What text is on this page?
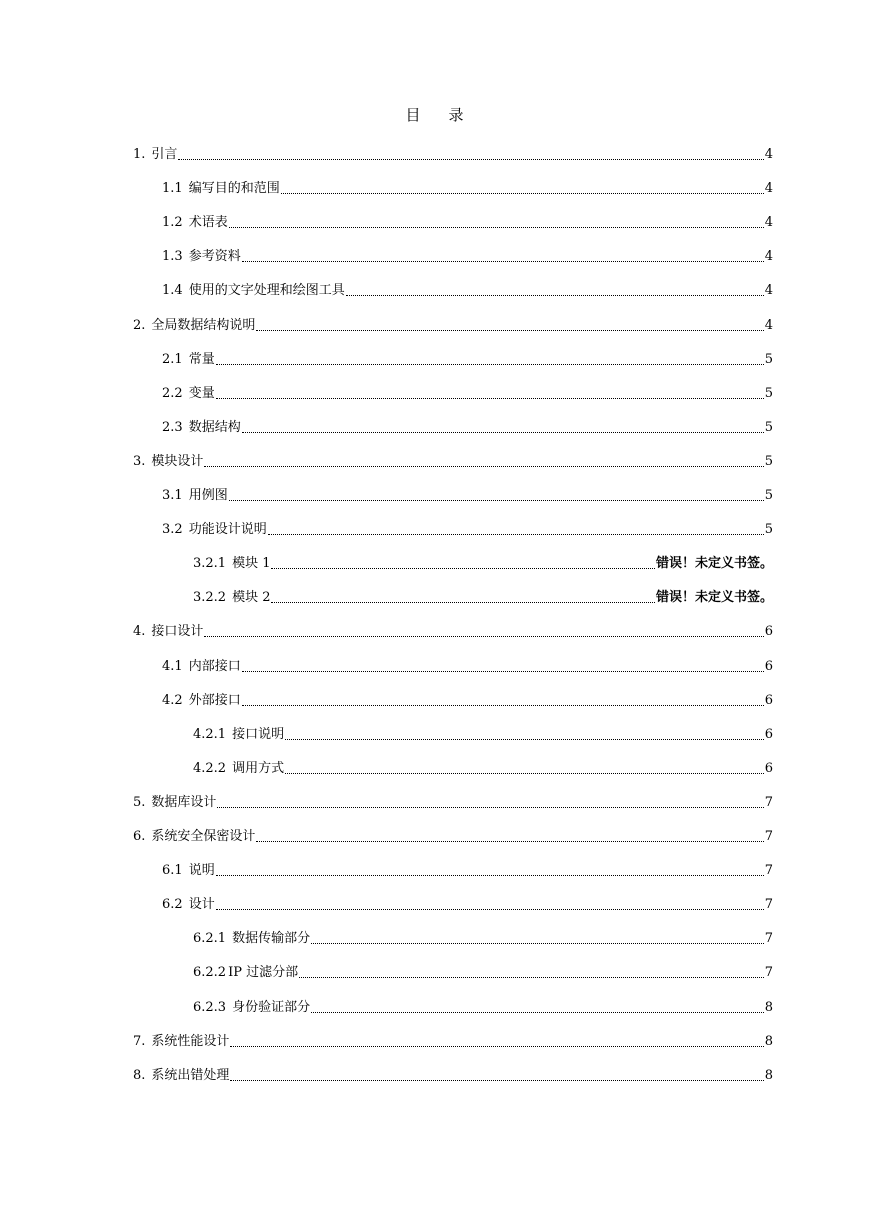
目 录
1. 引言	4
1.1 编写目的和范围	4
1.2 术语表	4
1.3 参考资料	4
1.4 使用的文字处理和绘图工具	4
2. 全局数据结构说明	4
2.1 常量	5
2.2 变量	5
2.3 数据结构	5
3. 模块设计	5
3.1 用例图	5
3.2 功能设计说明	5
3.2.1 模块 1	错误！未定义书签。
3.2.2 模块 2	错误！未定义书签。
4. 接口设计	6
4.1 内部接口	6
4.2 外部接口	6
4.2.1 接口说明	6
4.2.2 调用方式	6
5. 数据库设计	7
6. 系统安全保密设计	7
6.1 说明	7
6.2 设计	7
6.2.1 数据传输部分	7
6.2.2 IP 过滤分部	7
6.2.3 身份验证部分	8
7. 系统性能设计	8
8. 系统出错处理	8
